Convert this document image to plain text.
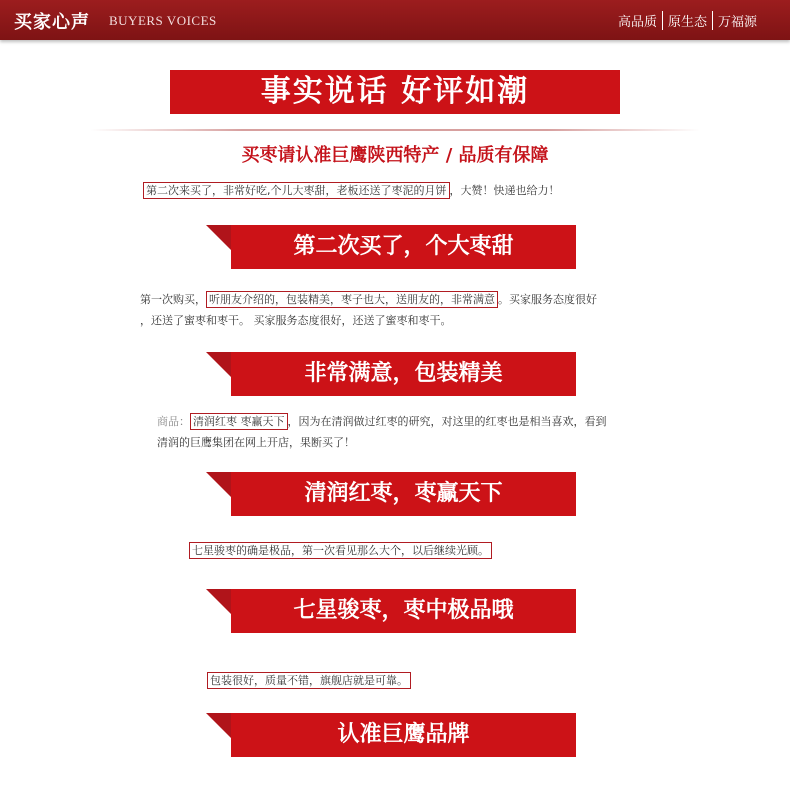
买家心声 BUYERS VOICES	高品质 原生态 万福源
事实说话 好评如潮
买枣请认准巨鹰陕西特产 / 品质有保障
第二次来买了，非常好吃,个儿大枣甜，老板还送了枣泥的月饼 ，大赞！快递也给力！
第二次买了，个大枣甜
第一次购买， 听朋友介绍的，包装精美，枣子也大，送朋友的，非常满意 。买家服务态度很好
，还送了蜜枣和枣干。 买家服务态度很好，还送了蜜枣和枣干。
非常满意，包装精美
商品： 清润红枣 枣赢天下 ，因为在清润做过红枣的研究，对这里的红枣也是相当喜欢，看到
清润的巨鹰集团在网上开店，果断买了！
清润红枣，枣赢天下
七星骏枣的确是极品，第一次看见那么大个，以后继续光顾。
七星骏枣，枣中极品哦
包装很好，质量不错，旗舰店就是可靠。
认准巨鹰品牌
